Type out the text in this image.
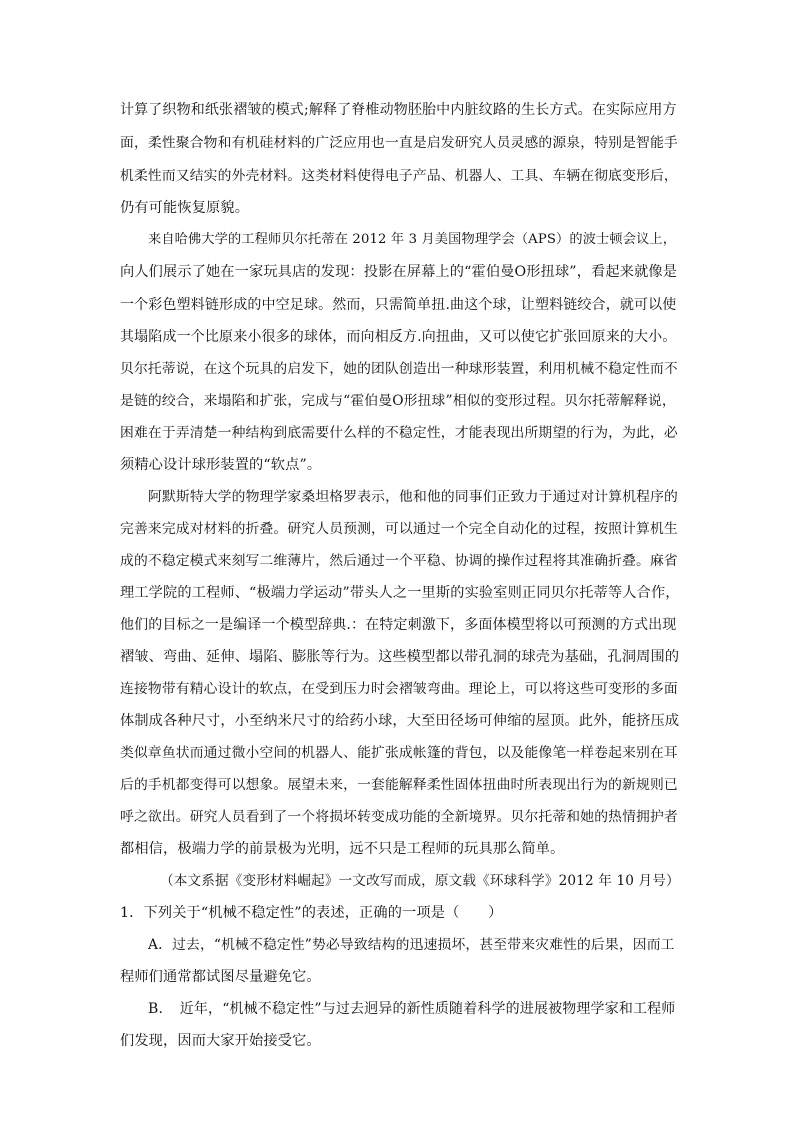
计算了织物和纸张褶皱的模式;解释了脊椎动物胚胎中内脏纹路的生长方式。在实际应用方
面，柔性聚合物和有机硅材料的广泛应用也一直是启发研究人员灵感的源泉，特别是智能手
机柔性而又结实的外壳材料。这类材料使得电子产品、机器人、工具、车辆在彻底变形后，
仍有可能恢复原貌。
来自哈佛大学的工程师贝尔托蒂在 2012 年 3 月美国物理学会（APS）的波士顿会议上，
向人们展示了她在一家玩具店的发现：投影在屏幕上的“霍伯曼O形扭球”，看起来就像是
一个彩色塑料链形成的中空足球。然而，只需简单扭.曲这个球，让塑料链绞合，就可以使
其塌陷成一个比原来小很多的球体，而向相反方.向扭曲，又可以使它扩张回原来的大小。
贝尔托蒂说，在这个玩具的启发下，她的团队创造出一种球形装置，利用机械不稳定性而不
是链的绞合，来塌陷和扩张，完成与“霍伯曼O形扭球”相似的变形过程。贝尔托蒂解释说，
困难在于弄清楚一种结构到底需要什么样的不稳定性，才能表现出所期望的行为，为此，必
须精心设计球形装置的“软点”。
阿默斯特大学的物理学家桑坦格罗表示，他和他的同事们正致力于通过对计算机程序的
完善来完成对材料的折叠。研究人员预测，可以通过一个完全自动化的过程，按照计算机生
成的不稳定模式来刻写二维薄片，然后通过一个平稳、协调的操作过程将其准确折叠。麻省
理工学院的工程师、“极端力学运动”带头人之一里斯的实验室则正同贝尔托蒂等人合作，
他们的目标之一是编译一个模型辞典.：在特定刺激下，多面体模型将以可预测的方式出现
褶皱、弯曲、延伸、塌陷、膨胀等行为。这些模型都以带孔洞的球壳为基础，孔洞周围的
连接物带有精心设计的软点，在受到压力时会褶皱弯曲。理论上，可以将这些可变形的多面
体制成各种尺寸，小至纳米尺寸的给药小球，大至田径场可伸缩的屋顶。此外，能挤压成
类似章鱼状而通过微小空间的机器人、能扩张成帐篷的背包，以及能像笔一样卷起来别在耳
后的手机都变得可以想象。展望未来，一套能解释柔性固体扭曲时所表现出行为的新规则已
呼之欲出。研究人员看到了一个将损坏转变成功能的全新境界。贝尔托蒂和她的热情拥护者
都相信，极端力学的前景极为光明，远不只是工程师的玩具那么简单。
（本文系据《变形材料崛起》一文改写而成，原文载《环球科学》2012 年 10 月号）
1．下列关于“机械不稳定性”的表述，正确的一项是（　　）
A．过去，“机械不稳定性”势必导致结构的迅速损坏，甚至带来灾难性的后果，因而工
程师们通常都试图尽量避免它。
B．　近年，“机械不稳定性”与过去迥异的新性质随着科学的进展被物理学家和工程师
们发现，因而大家开始接受它。
